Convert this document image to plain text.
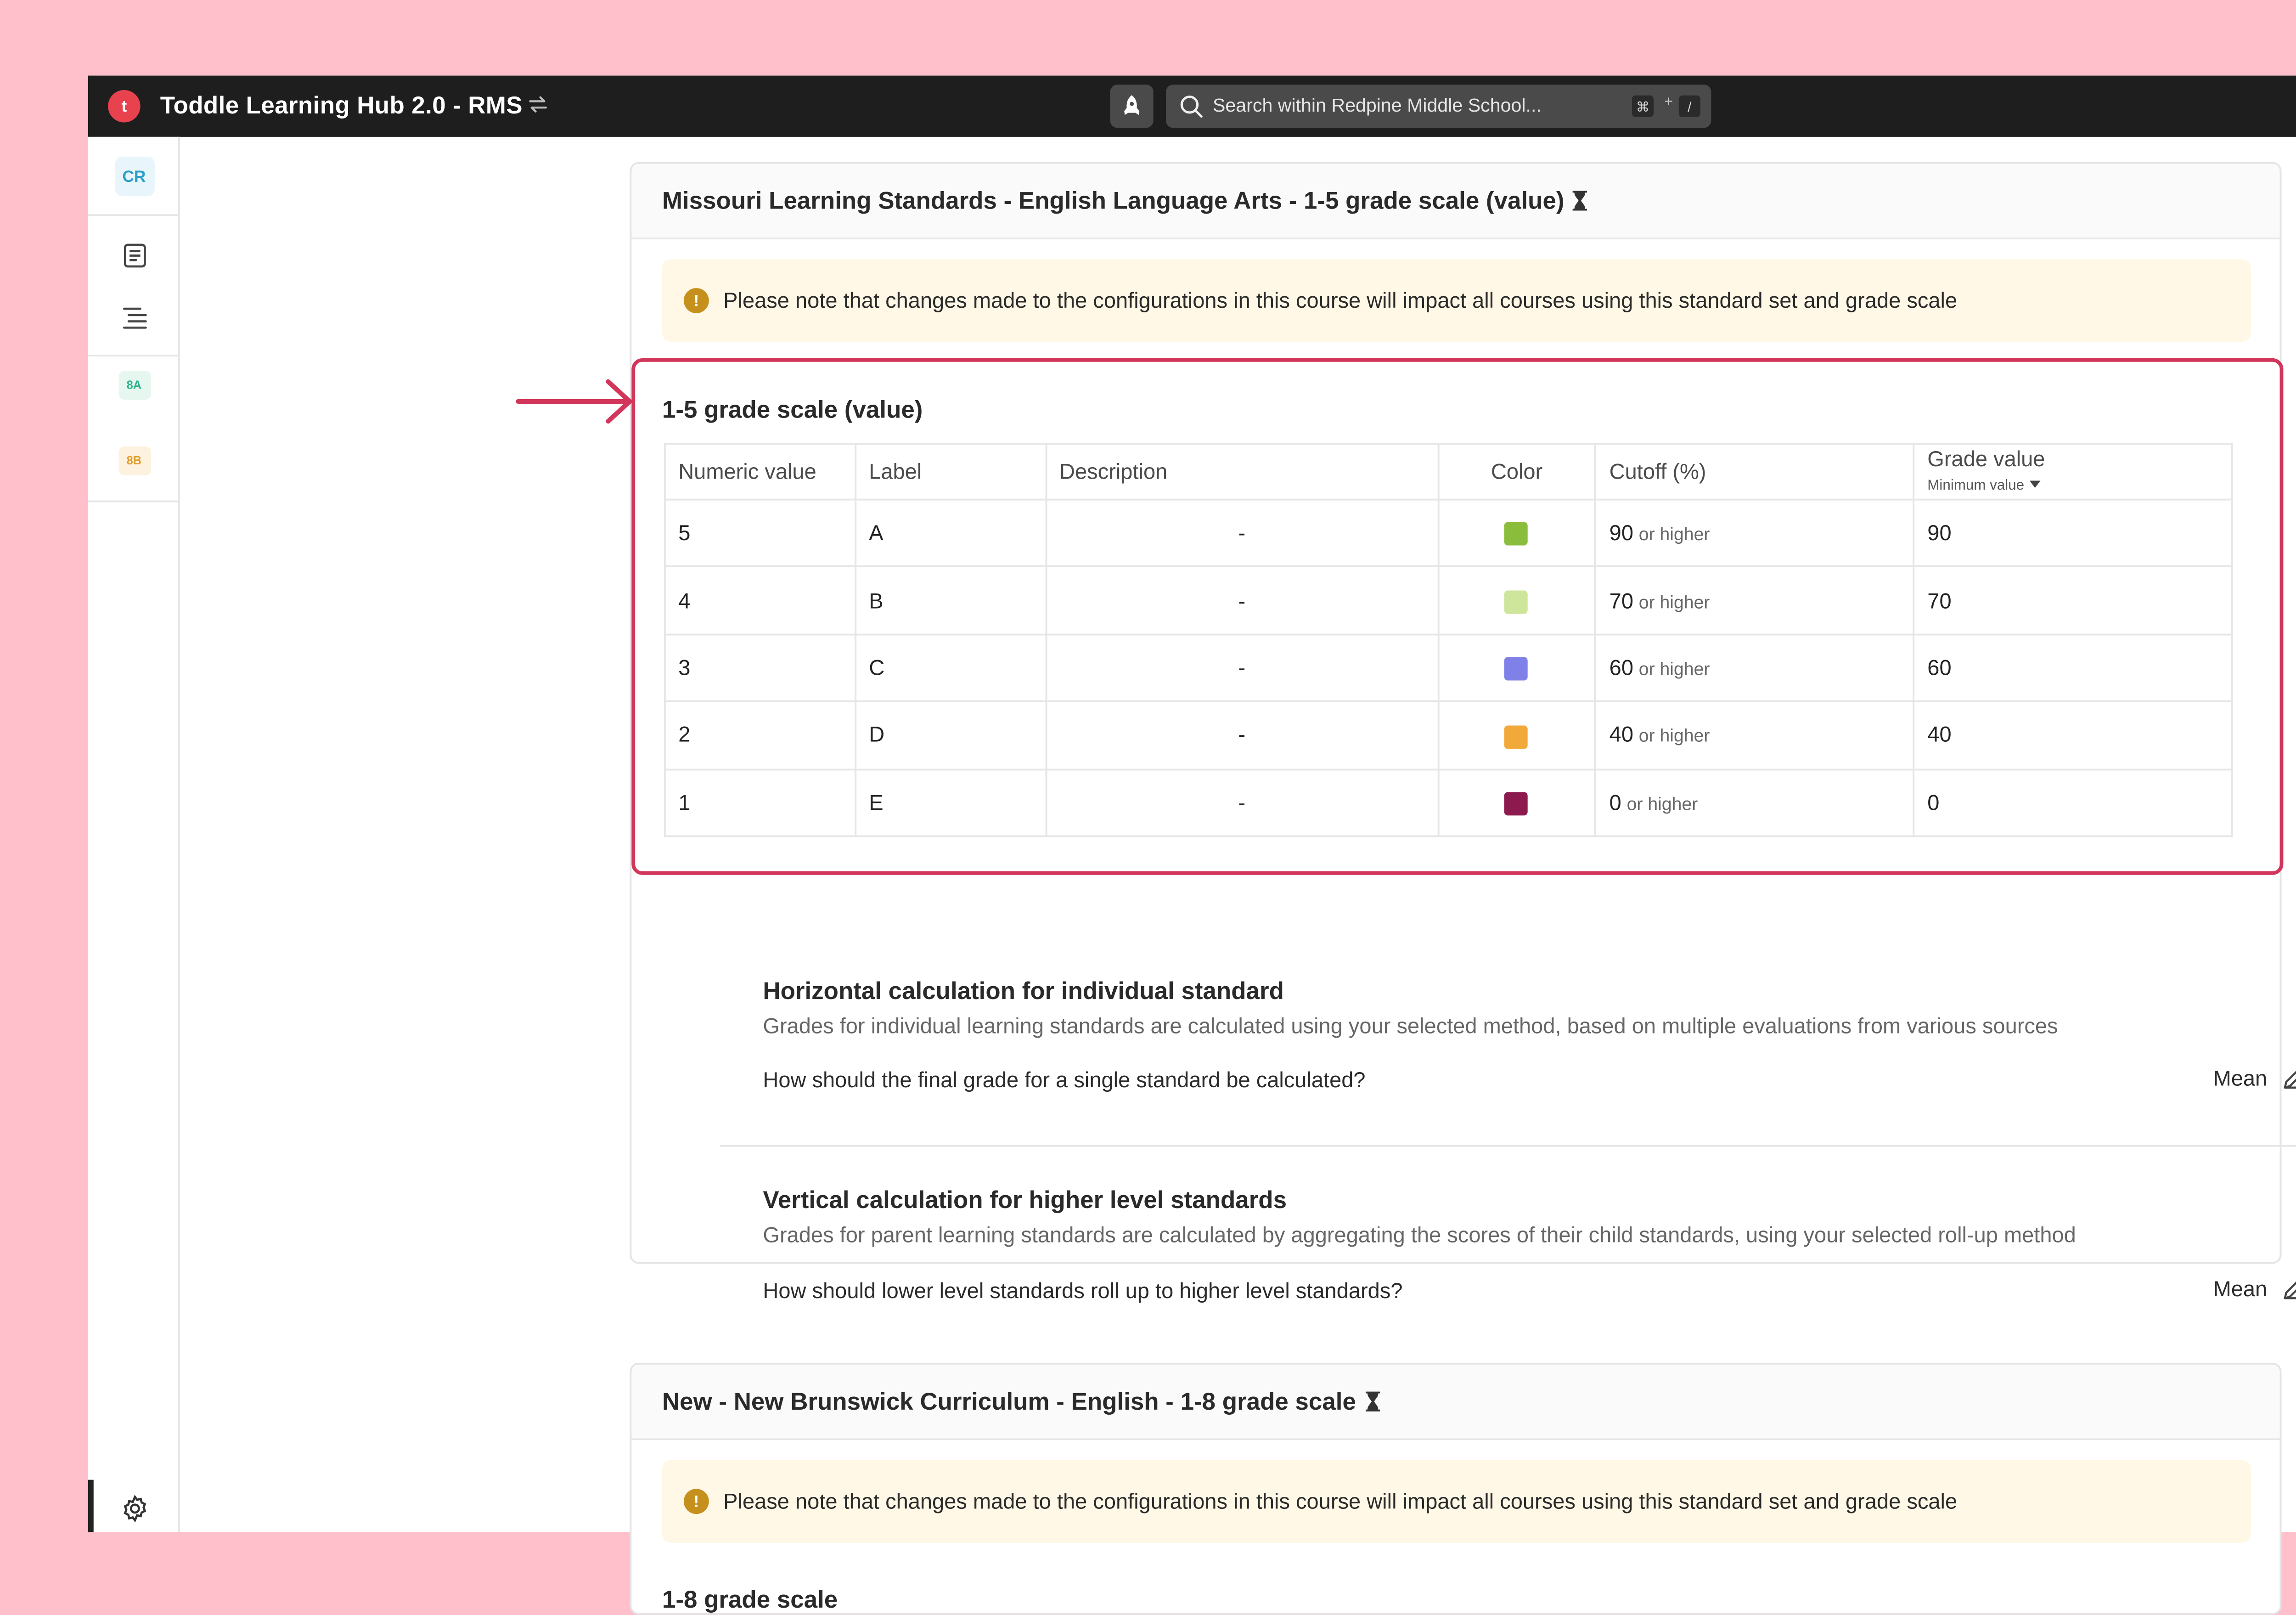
t	Toddle Learning Hub 2.0 - RMS
Search within Redpine Middle School...	⌘	+	/
CR
8A
8B
Missouri Learning Standards - English Language Arts - 1-5 grade scale (value)
!	Please note that changes made to the configurations in this course will impact all courses using this standard set and grade scale
1-5 grade scale (value)
Numeric value	Label	Description	Color	Cutoff (%)	Grade value
Minimum value

5	A	-		90 or higher	90
4	B	-		70 or higher	70
3	C	-		60 or higher	60
2	D	-		40 or higher	40
1	E	-		0 or higher	0
Horizontal calculation for individual standard
Grades for individual learning standards are calculated using your selected method, based on multiple evaluations from various sources
How should the final grade for a single standard be calculated?	Mean
Vertical calculation for higher level standards
Grades for parent learning standards are calculated by aggregating the scores of their child standards, using your selected roll-up method
How should lower level standards roll up to higher level standards?	Mean
New - New Brunswick Curriculum - English - 1-8 grade scale
!	Please note that changes made to the configurations in this course will impact all courses using this standard set and grade scale
1-8 grade scale
